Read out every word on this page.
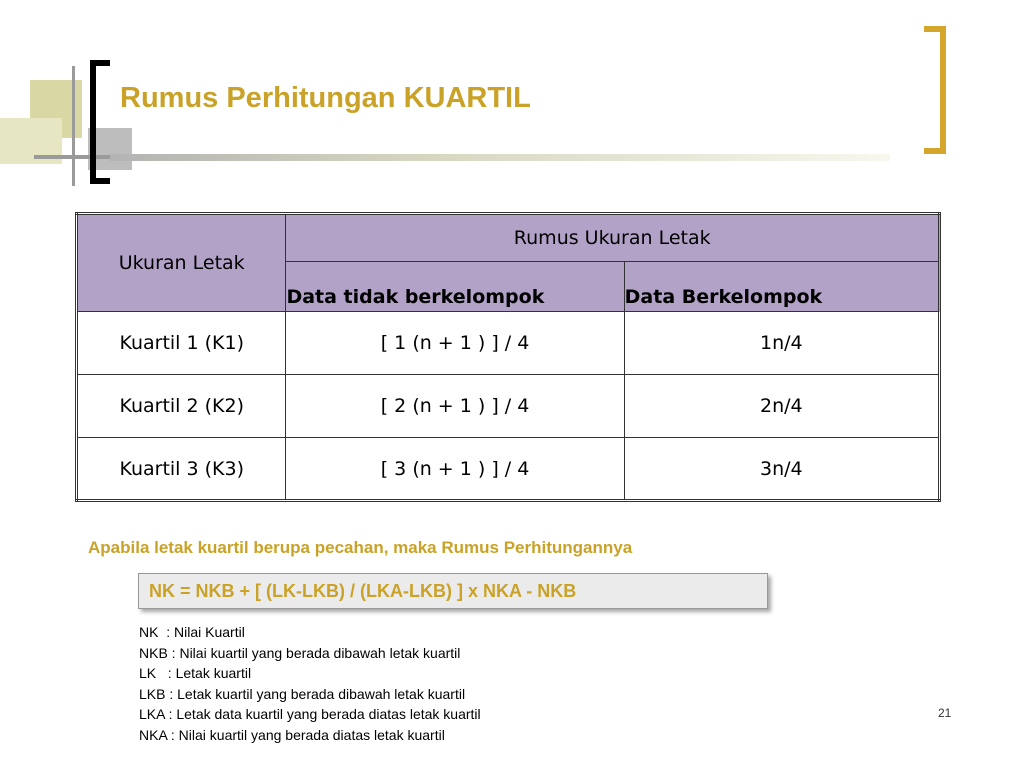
Rumus Perhitungan KUARTIL
Ukuran Letak	Rumus Ukuran Letak	
	Data tidak berkelompok	Data Berkelompok
Kuartil 1 (K1)	[ 1 (n + 1 ) ] / 4	1n/4
Kuartil 2 (K2)	[ 2 (n + 1 ) ] / 4	2n/4
Kuartil 3 (K3)	[ 3 (n + 1 ) ] / 4	3n/4

Apabila letak kuartil berupa pecahan, maka Rumus Perhitungannya

NK = NKB + [ (LK-LKB) / (LKA-LKB) ] x NKA - NKB
NK  : Nilai Kuartil
NKB : Nilai kuartil yang berada dibawah letak kuartil
LK   : Letak kuartil
LKB : Letak kuartil yang berada dibawah letak kuartil
LKA : Letak data kuartil yang berada diatas letak kuartil
NKA : Nilai kuartil yang berada diatas letak kuartil
21
